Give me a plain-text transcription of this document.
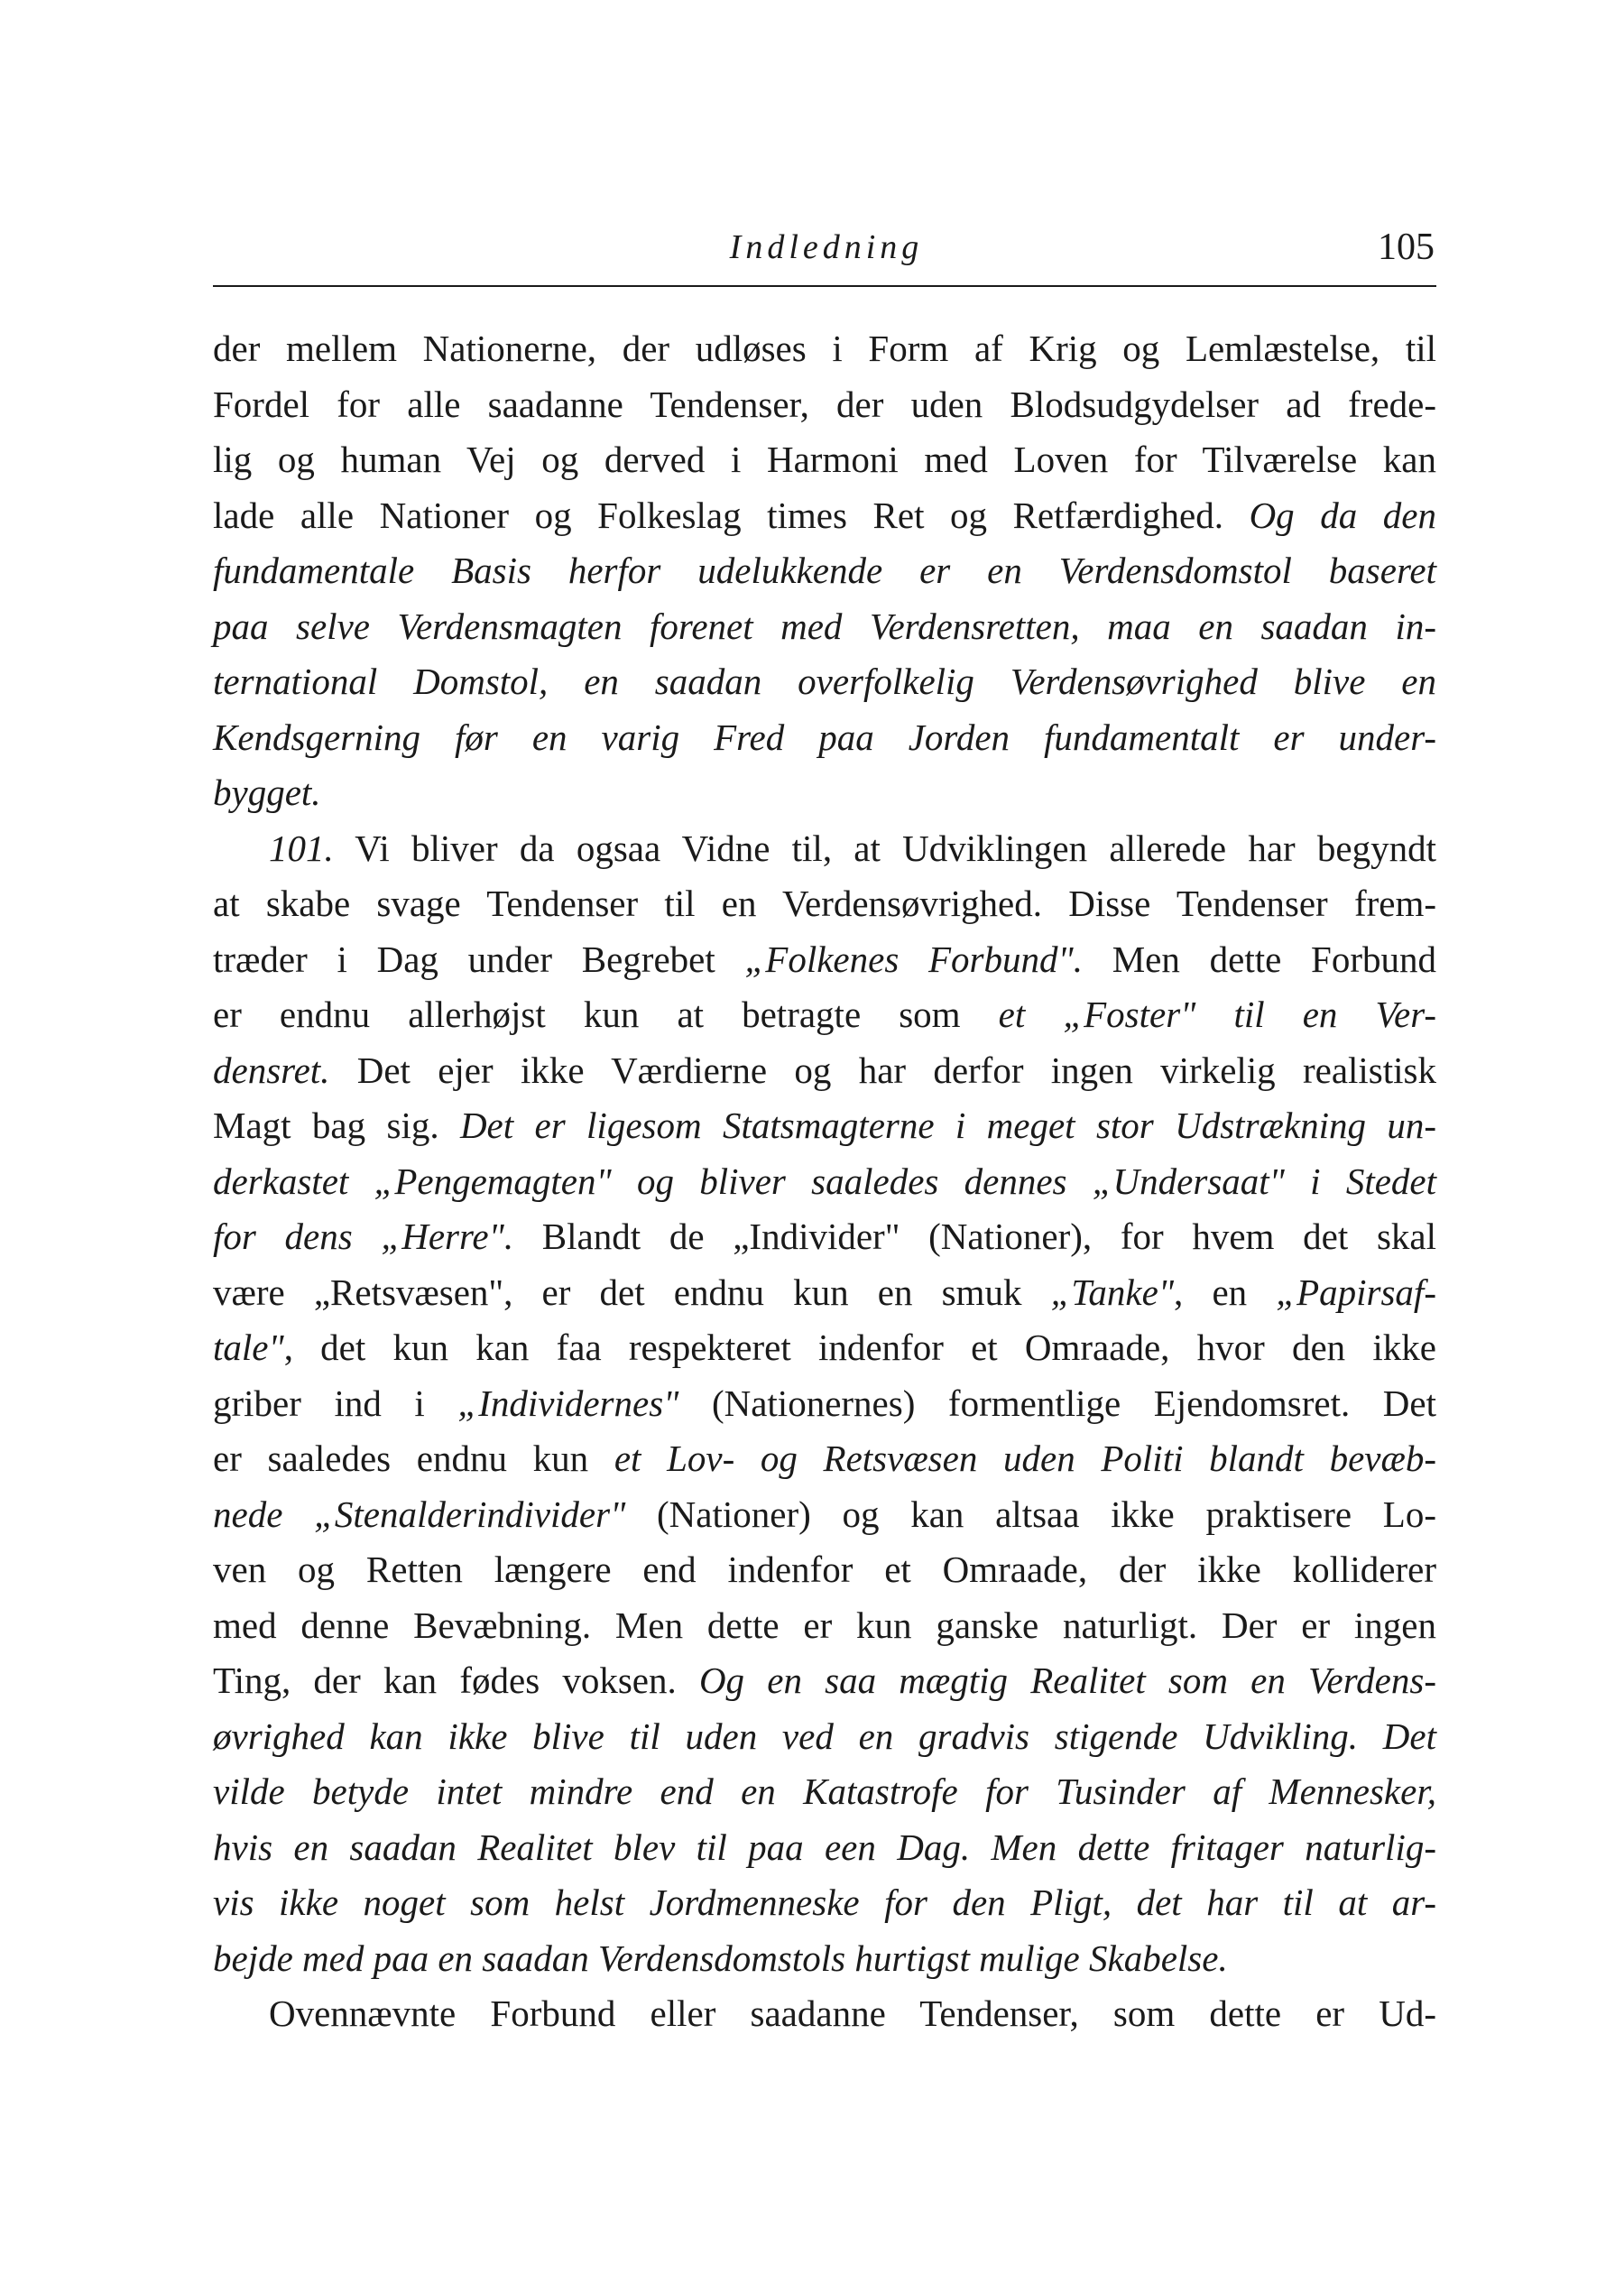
Indledning	105
der mellem Nationerne, der udløses i Form af Krig og Lemlæstelse, til
Fordel for alle saadanne Tendenser, der uden Blodsudgydelser ad frede-
lig og human Vej og derved i Harmoni med Loven for Tilværelse kan
lade alle Nationer og Folkeslag times Ret og Retfærdighed. Og da den
fundamentale Basis herfor udelukkende er en Verdensdomstol baseret
paa selve Verdensmagten forenet med Verdensretten, maa en saadan in-
ternational Domstol, en saadan overfolkelig Verdensøvrighed blive en
Kendsgerning før en varig Fred paa Jorden fundamentalt er under-
bygget.
101. Vi bliver da ogsaa Vidne til, at Udviklingen allerede har begyndt
at skabe svage Tendenser til en Verdensøvrighed. Disse Tendenser frem-
træder i Dag under Begrebet „Folkenes Forbund". Men dette Forbund
er endnu allerhøjst kun at betragte som et „Foster" til en Ver-
densret. Det ejer ikke Værdierne og har derfor ingen virkelig realistisk
Magt bag sig. Det er ligesom Statsmagterne i meget stor Udstrækning un-
derkastet „Pengemagten" og bliver saaledes dennes „Undersaat" i Stedet
for dens „Herre". Blandt de „Individer" (Nationer), for hvem det skal
være „Retsvæsen", er det endnu kun en smuk „Tanke", en „Papirsaf-
tale", det kun kan faa respekteret indenfor et Omraade, hvor den ikke
griber ind i „Individernes" (Nationernes) formentlige Ejendomsret. Det
er saaledes endnu kun et Lov- og Retsvæsen uden Politi blandt bevæb-
nede „Stenalderindivider" (Nationer) og kan altsaa ikke praktisere Lo-
ven og Retten længere end indenfor et Omraade, der ikke kolliderer
med denne Bevæbning. Men dette er kun ganske naturligt. Der er ingen
Ting, der kan fødes voksen. Og en saa mægtig Realitet som en Verdens-
øvrighed kan ikke blive til uden ved en gradvis stigende Udvikling. Det
vilde betyde intet mindre end en Katastrofe for Tusinder af Mennesker,
hvis en saadan Realitet blev til paa een Dag. Men dette fritager naturlig-
vis ikke noget som helst Jordmenneske for den Pligt, det har til at ar-
bejde med paa en saadan Verdensdomstols hurtigst mulige Skabelse.
Ovennævnte Forbund eller saadanne Tendenser, som dette er Ud-
